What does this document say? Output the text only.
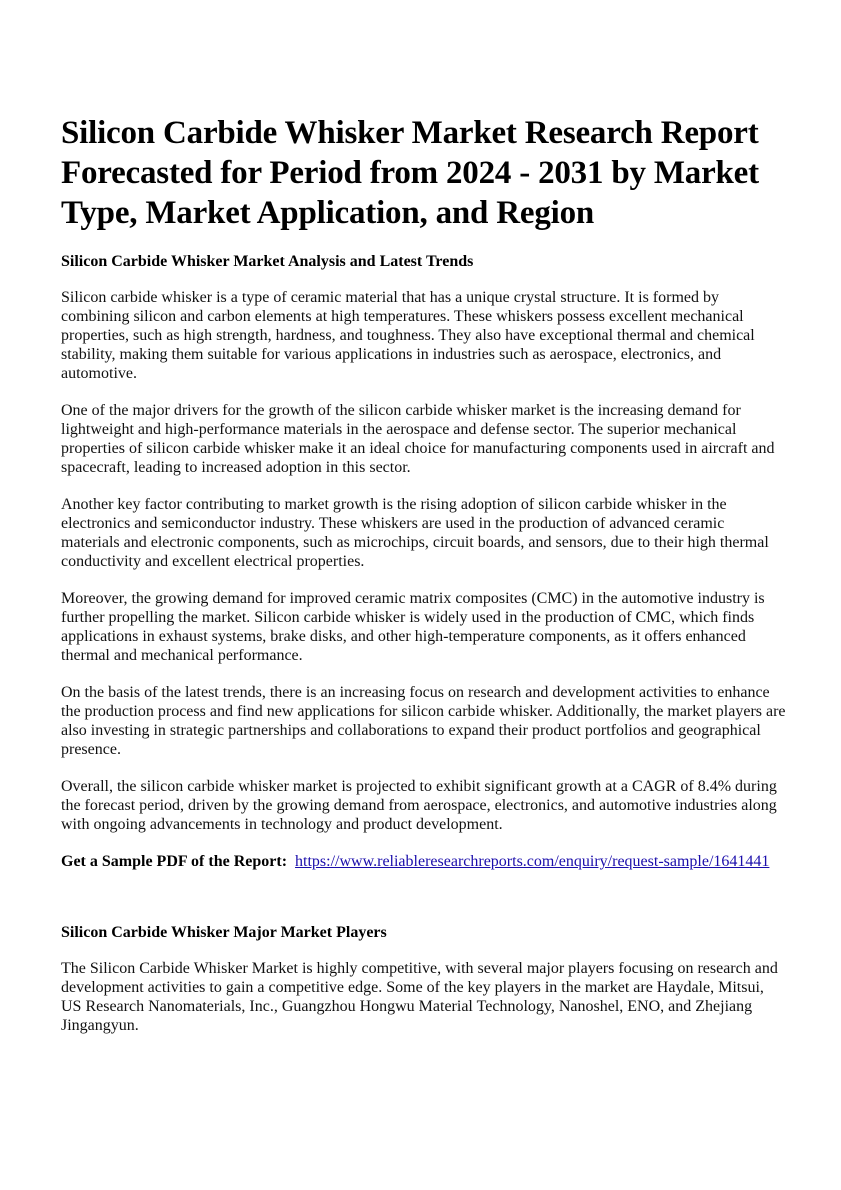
Silicon Carbide Whisker Market Research Report Forecasted for Period from 2024 - 2031 by Market Type, Market Application, and Region
Silicon Carbide Whisker Market Analysis and Latest Trends

Silicon carbide whisker is a type of ceramic material that has a unique crystal structure. It is formed by combining silicon and carbon elements at high temperatures. These whiskers possess excellent mechanical properties, such as high strength, hardness, and toughness. They also have exceptional thermal and chemical stability, making them suitable for various applications in industries such as aerospace, electronics, and automotive.

One of the major drivers for the growth of the silicon carbide whisker market is the increasing demand for lightweight and high-performance materials in the aerospace and defense sector. The superior mechanical properties of silicon carbide whisker make it an ideal choice for manufacturing components used in aircraft and spacecraft, leading to increased adoption in this sector.

Another key factor contributing to market growth is the rising adoption of silicon carbide whisker in the electronics and semiconductor industry. These whiskers are used in the production of advanced ceramic materials and electronic components, such as microchips, circuit boards, and sensors, due to their high thermal conductivity and excellent electrical properties.

Moreover, the growing demand for improved ceramic matrix composites (CMC) in the automotive industry is further propelling the market. Silicon carbide whisker is widely used in the production of CMC, which finds applications in exhaust systems, brake disks, and other high-temperature components, as it offers enhanced thermal and mechanical performance.

On the basis of the latest trends, there is an increasing focus on research and development activities to enhance the production process and find new applications for silicon carbide whisker. Additionally, the market players are also investing in strategic partnerships and collaborations to expand their product portfolios and geographical presence.

Overall, the silicon carbide whisker market is projected to exhibit significant growth at a CAGR of 8.4% during the forecast period, driven by the growing demand from aerospace, electronics, and automotive industries along with ongoing advancements in technology and product development.

Get a Sample PDF of the Report: https://www.reliableresearchreports.com/enquiry/request-sample/1641441

Silicon Carbide Whisker Major Market Players

The Silicon Carbide Whisker Market is highly competitive, with several major players focusing on research and development activities to gain a competitive edge. Some of the key players in the market are Haydale, Mitsui, US Research Nanomaterials, Inc., Guangzhou Hongwu Material Technology, Nanoshel, ENO, and Zhejiang Jingangyun.
